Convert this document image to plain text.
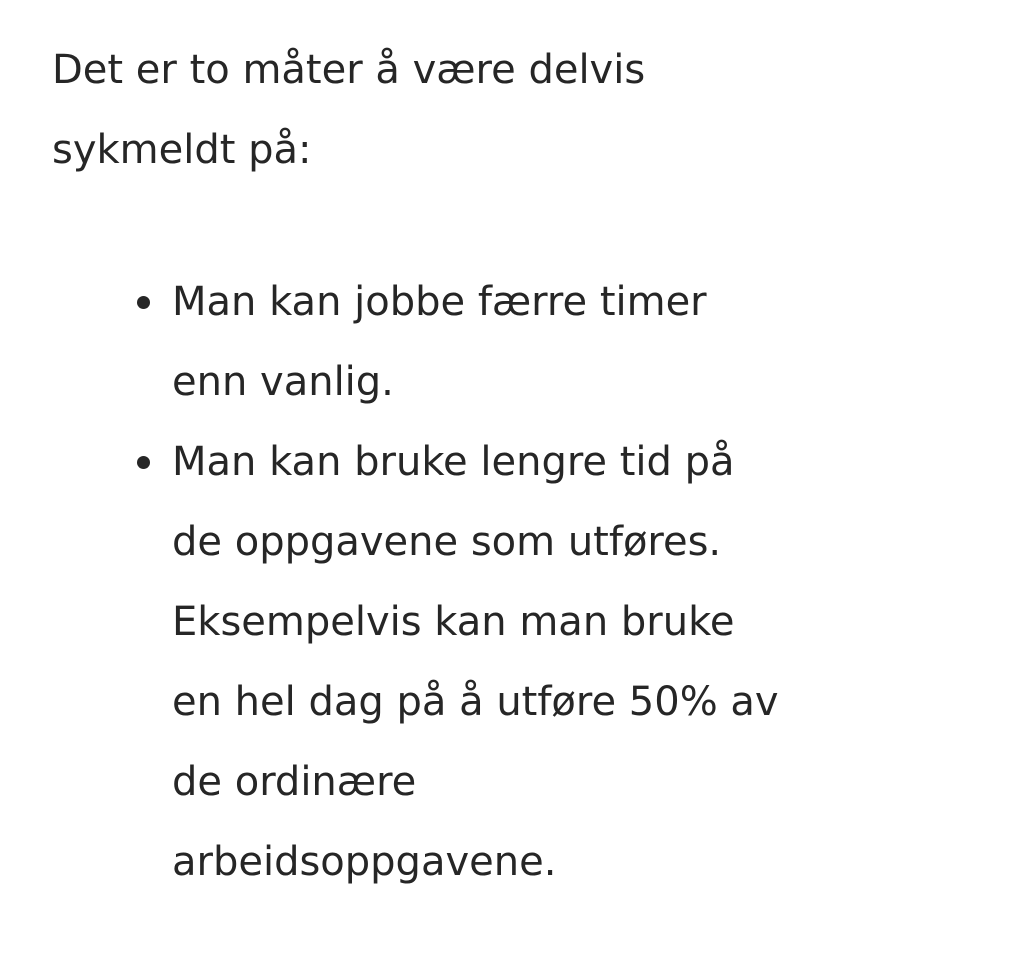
Det er to måter å være delvis
sykmeldt på:

Man kan jobbe færre timer
enn vanlig.
Man kan bruke lengre tid på
de oppgavene som utføres.
Eksempelvis kan man bruke
en hel dag på å utføre 50% av
de ordinære
arbeidsoppgavene.
